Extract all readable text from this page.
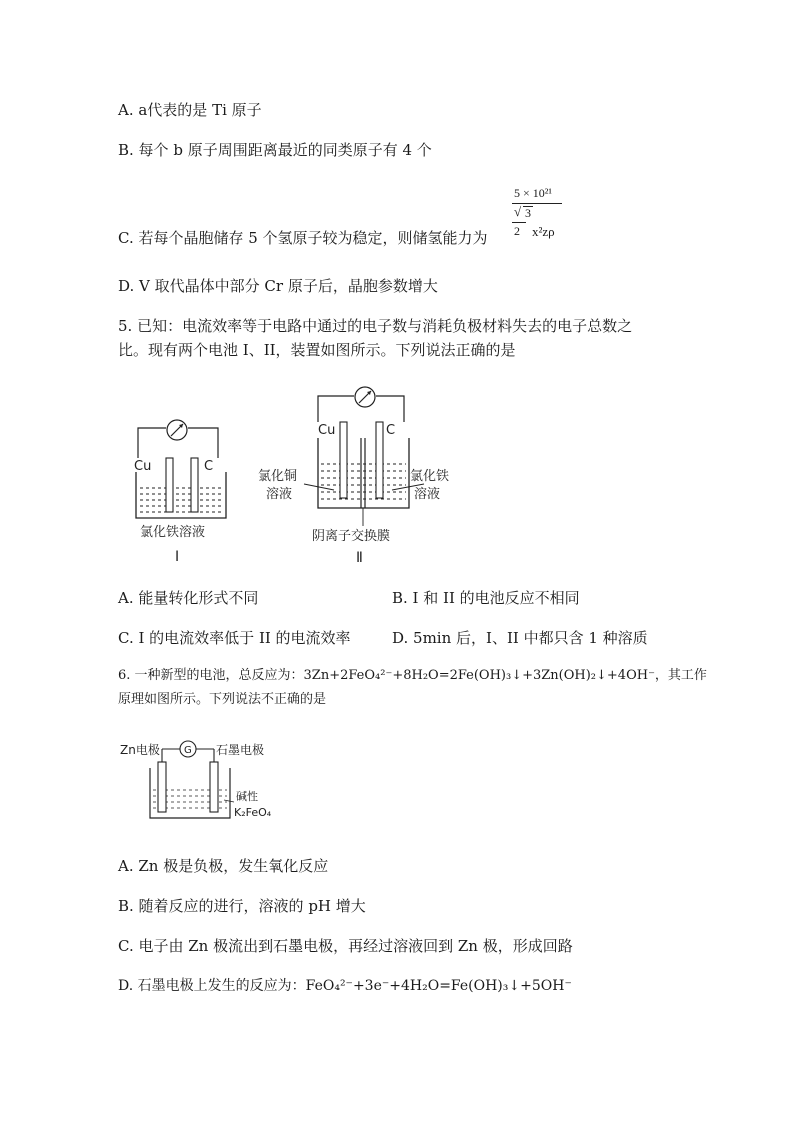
A. a代表的是 Ti 原子
B. 每个 b 原子周围距离最近的同类原子有 4 个
C. 若每个晶胞储存 5 个氢原子较为稳定，则储氢能力为
5 × 10²¹
√ 3
2 x²zρ
D. V 取代晶体中部分 Cr 原子后，晶胞参数增大
5. 已知：电流效率等于电路中通过的电子数与消耗负极材料失去的电子总数之
比。现有两个电池 I、II，装置如图所示。下列说法正确的是
Cu	C
氯化铁溶液
Ⅰ
Cu	C
氯化铜
溶液
氯化铁
溶液
阴离子交换膜
Ⅱ
A. 能量转化形式不同	B. I 和 II 的电池反应不相同
C. I 的电流效率低于 II 的电流效率	D. 5min 后，I、II 中都只含 1 种溶质
6. 一种新型的电池，总反应为：3Zn+2FeO₄²⁻+8H₂O=2Fe(OH)₃↓+3Zn(OH)₂↓+4OH⁻，其工作
原理如图所示。下列说法不正确的是
Zn电极 G 石墨电极
碱性
K₂FeO₄
A. Zn 极是负极，发生氧化反应
B. 随着反应的进行，溶液的 pH 增大
C. 电子由 Zn 极流出到石墨电极，再经过溶液回到 Zn 极，形成回路
D. 石墨电极上发生的反应为：FeO₄²⁻+3e⁻+4H₂O=Fe(OH)₃↓+5OH⁻
